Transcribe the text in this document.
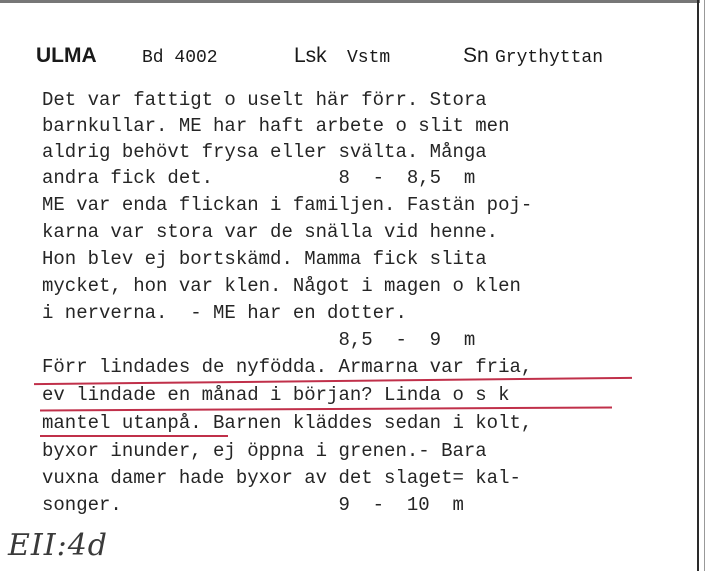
ULMA	Bd 4002	Lsk Vstm	Sn Grythyttan
Det var fattigt o uselt här förr. Stora
barnkullar. ME har haft arbete o slit men
aldrig behövt frysa eller svälta. Många
andra fick det.           8  -  8,5  m
ME var enda flickan i familjen. Fastän poj-
karna var stora var de snälla vid henne.
Hon blev ej bortskämd. Mamma fick slita
mycket, hon var klen. Något i magen o klen
i nerverna.  - ME har en dotter.
8,5  -  9  m
Förr lindades de nyfödda. Armarna var fria,
ev lindade en månad i början? Linda o s k
mantel utanpå. Barnen kläddes sedan i kolt,
byxor inunder, ej öppna i grenen.- Bara
vuxna damer hade byxor av det slaget= kal-
songer.                   9  -  10  m
EII:4d
